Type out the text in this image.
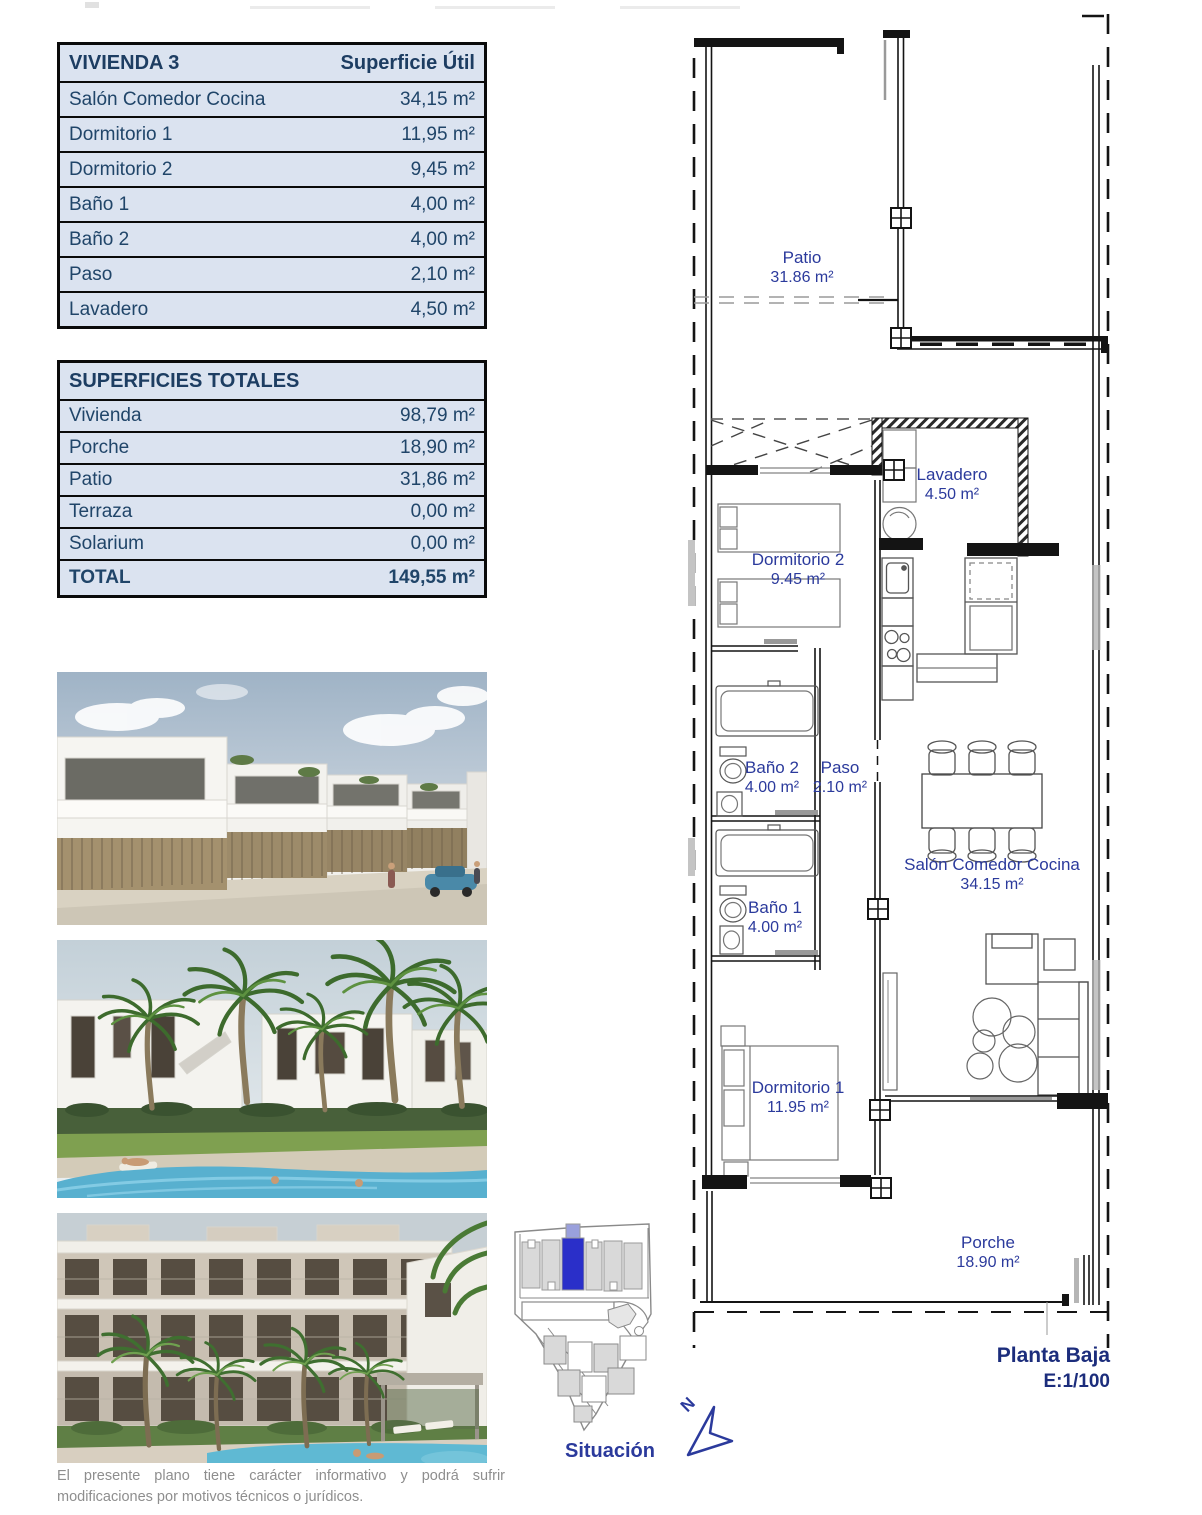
VIVIENDA 3	Superficie Útil
Salón Comedor Cocina	34,15 m²
Dormitorio 1	11,95 m²
Dormitorio 2	9,45 m²
Baño 1	4,00 m²
Baño 2	4,00 m²
Paso	2,10 m²
Lavadero	4,50 m²
SUPERFICIES TOTALES
Vivienda	98,79 m²
Porche	18,90 m²
Patio	31,86 m²
Terraza	0,00 m²
Solarium	0,00 m²
TOTAL	149,55 m²
El presente plano tiene carácter informativo y podrá sufrir modificaciones por motivos técnicos o jurídicos.
Situación
Patio
31.86 m²
Lavadero
4.50 m²
Dormitorio 2
9.45 m²
Baño 2
4.00 m²
Paso
2.10 m²
Baño 1
4.00 m²
Dormitorio 1
11.95 m²
Salón Comedor Cocina
34.15 m²
Porche
18.90 m²
Planta Baja
E:1/100
N
